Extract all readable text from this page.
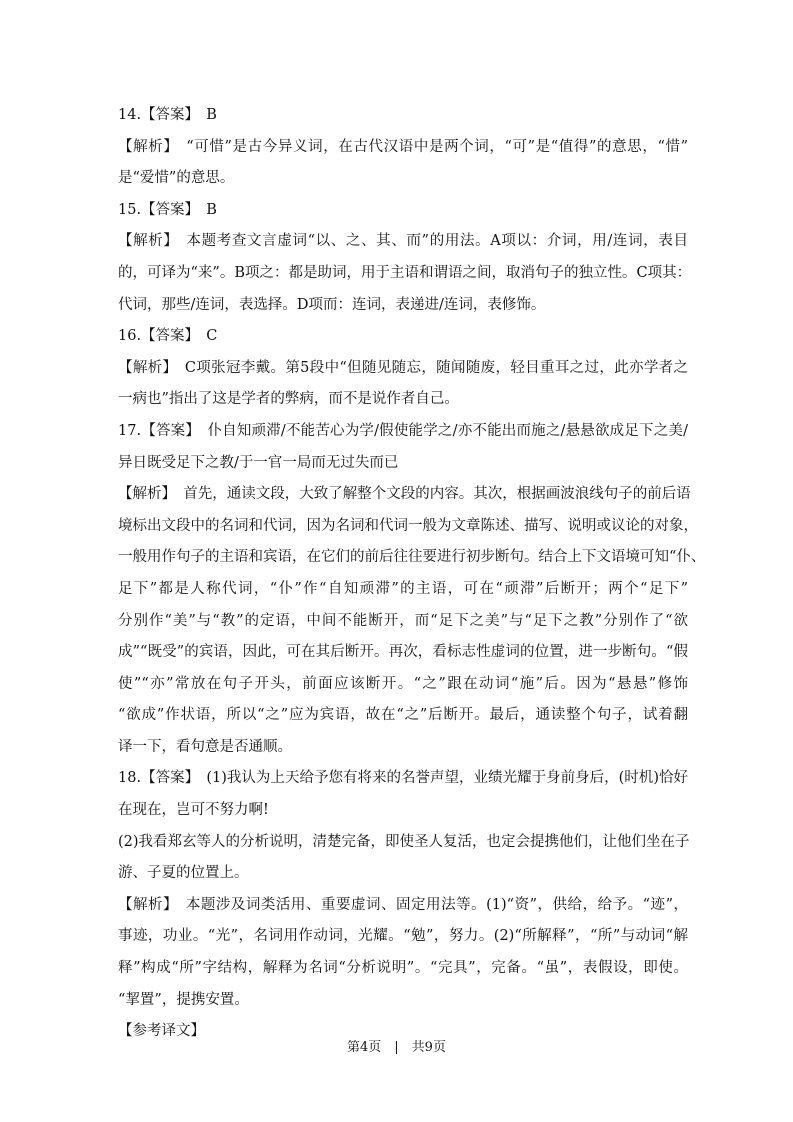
14.【答案】　B
【解析】　“可惜”是古今异义词，在古代汉语中是两个词，“可”是“值得”的意思，“惜”
是“爱惜”的意思。
15.【答案】　B
【解析】　本题考查文言虚词“以、之、其、而”的用法。A项以：介词，用/连词，表目
的，可译为“来”。B项之：都是助词，用于主语和谓语之间，取消句子的独立性。C项其：
代词，那些/连词，表选择。D项而：连词，表递进/连词，表修饰。
16.【答案】　C
【解析】　C项张冠李戴。第5段中“但随见随忘，随闻随废，轻目重耳之过，此亦学者之
一病也”指出了这是学者的弊病，而不是说作者自己。
17.【答案】　仆自知顽滞/不能苦心为学/假使能学之/亦不能出而施之/悬悬欲成足下之美/
异日既受足下之教/于一官一局而无过失而已
【解析】　首先，通读文段，大致了解整个文段的内容。其次，根据画波浪线句子的前后语
境标出文段中的名词和代词，因为名词和代词一般为文章陈述、描写、说明或议论的对象，
一般用作句子的主语和宾语，在它们的前后往往要进行初步断句。结合上下文语境可知“仆、
足下”都是人称代词，“仆”作“自知顽滞”的主语，可在“顽滞”后断开；两个“足下”
分别作“美”与“教”的定语，中间不能断开，而“足下之美”与“足下之教”分别作了“欲
成”“既受”的宾语，因此，可在其后断开。再次，看标志性虚词的位置，进一步断句。“假
使”“亦”常放在句子开头，前面应该断开。“之”跟在动词“施”后。因为“悬悬”修饰
“欲成”作状语，所以“之”应为宾语，故在“之”后断开。最后，通读整个句子，试着翻
译一下，看句意是否通顺。
18.【答案】　(1)我认为上天给予您有将来的名誉声望，业绩光耀于身前身后，(时机)恰好
在现在，岂可不努力啊!
(2)我看郑玄等人的分析说明，清楚完备，即使圣人复活，也定会提携他们，让他们坐在子
游、子夏的位置上。
【解析】　本题涉及词类活用、重要虚词、固定用法等。(1)“资”，供给，给予。“迹”，
事迹，功业。“光”，名词用作动词，光耀。“勉”，努力。(2)“所解释”，“所”与动词“解
释”构成“所”字结构，解释为名词“分析说明”。“完具”，完备。“虽”，表假设，即使。
“挈置”，提携安置。
【参考译文】
第4页　|　共9页
